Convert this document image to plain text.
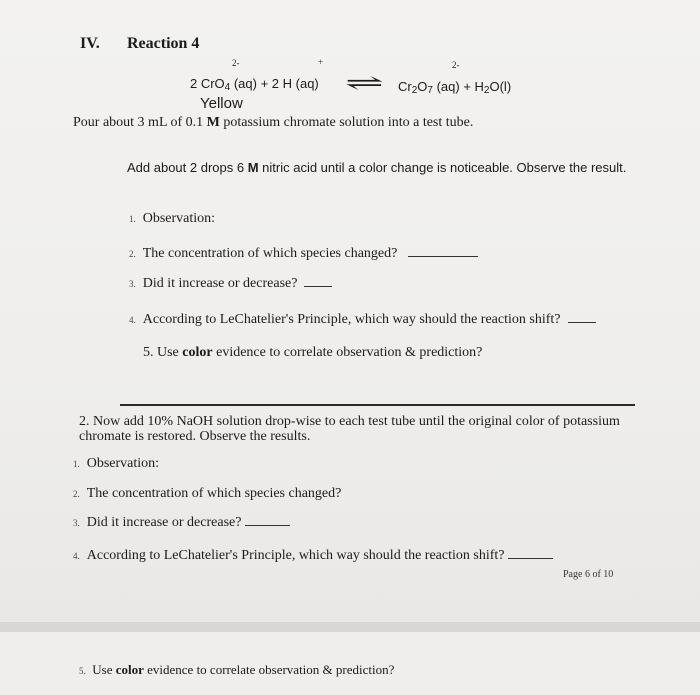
IV. Reaction 4
2-	+	2-
2 CrO$_4$ (aq) + 2 H (aq) ⇌ $Cr_2O_7$ $(aq) + H_2O(l)$
Yellow
Pour about 3 mL of 0.1 M potassium chromate solution into a test tube.
Add about 2 drops 6 M nitric acid until a color change is noticeable. Observe the result.
1. Observation:
2. The concentration of which species changed?
3. Did it increase or decrease?
4. According to LeChatelier's Principle, which way should the reaction shift?
5. Use color evidence to correlate observation & prediction?
2. Now add 10% NaOH solution drop-wise to each test tube until the original color of potassium
chromate is restored. Observe the results.
1. Observation:
2. The concentration of which species changed?
3. Did it increase or decrease?
4. According to LeChatelier's Principle, which way should the reaction shift?
Page 6 of 10
5. Use color evidence to correlate observation & prediction?
